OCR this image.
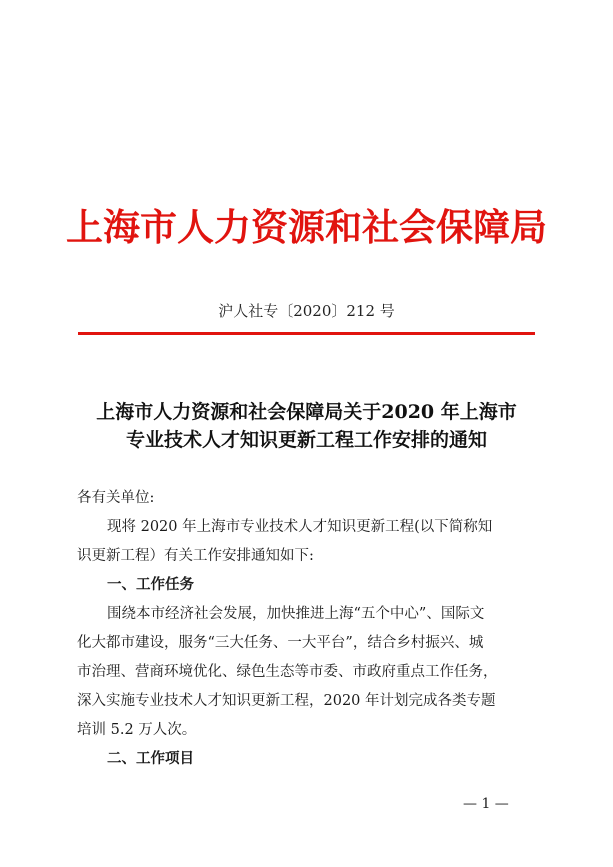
上海市人力资源和社会保障局
沪人社专〔2020〕212 号
上海市人力资源和社会保障局关于2020 年上海市
专业技术人才知识更新工程工作安排的通知
各有关单位:
现将 2020 年上海市专业技术人才知识更新工程(以下简称知
识更新工程）有关工作安排通知如下:
一、工作任务
围绕本市经济社会发展，加快推进上海“五个中心”、国际文
化大都市建设，服务“三大任务、一大平台”，结合乡村振兴、城
市治理、营商环境优化、绿色生态等市委、市政府重点工作任务，
深入实施专业技术人才知识更新工程，2020 年计划完成各类专题
培训 5.2 万人次。
二、工作项目
— 1 —
